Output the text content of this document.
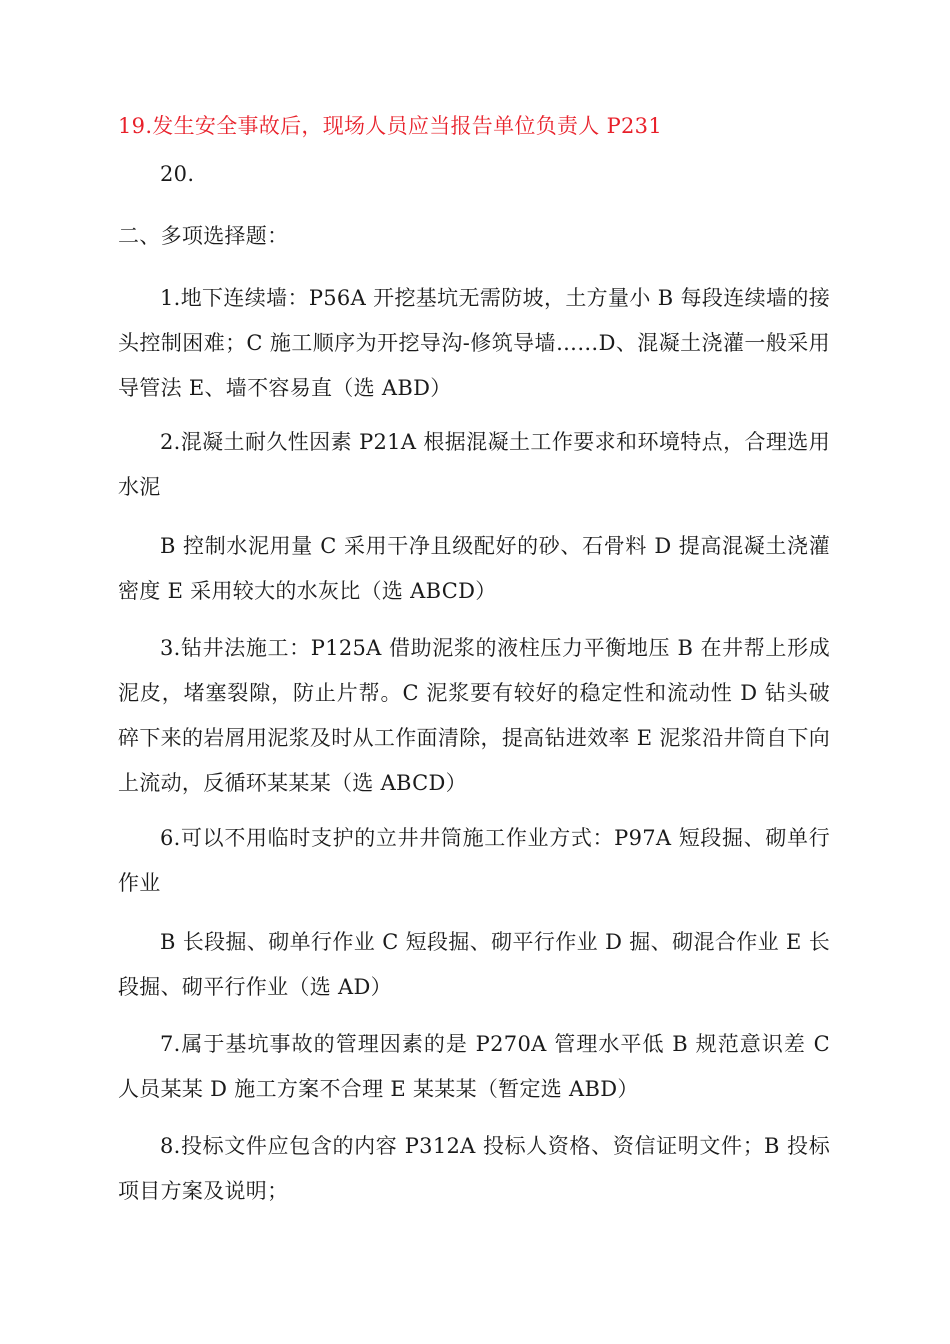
19.发生安全事故后，现场人员应当报告单位负责人 P231

20.

二、多项选择题：

1.地下连续墙：P56A 开挖基坑无需防坡，土方量小 B 每段连续墙的接头控制困难；C 施工顺序为开挖导沟-修筑导墙……D、混凝土浇灌一般采用导管法 E、墙不容易直（选 ABD）

2.混凝土耐久性因素 P21A 根据混凝土工作要求和环境特点，合理选用水泥

B 控制水泥用量 C 采用干净且级配好的砂、石骨料 D 提高混凝土浇灌密度 E 采用较大的水灰比（选 ABCD）

3.钻井法施工：P125A 借助泥浆的液柱压力平衡地压 B 在井帮上形成泥皮，堵塞裂隙，防止片帮。C 泥浆要有较好的稳定性和流动性 D 钻头破碎下来的岩屑用泥浆及时从工作面清除，提高钻进效率 E 泥浆沿井筒自下向上流动，反循环某某某（选 ABCD）

6.可以不用临时支护的立井井筒施工作业方式：P97A 短段掘、砌单行作业

B 长段掘、砌单行作业 C 短段掘、砌平行作业 D 掘、砌混合作业 E 长段掘、砌平行作业（选 AD）

7.属于基坑事故的管理因素的是 P270A 管理水平低 B 规范意识差 C 人员某某 D 施工方案不合理 E 某某某（暂定选 ABD）

8.投标文件应包含的内容 P312A 投标人资格、资信证明文件；B 投标项目方案及说明；
